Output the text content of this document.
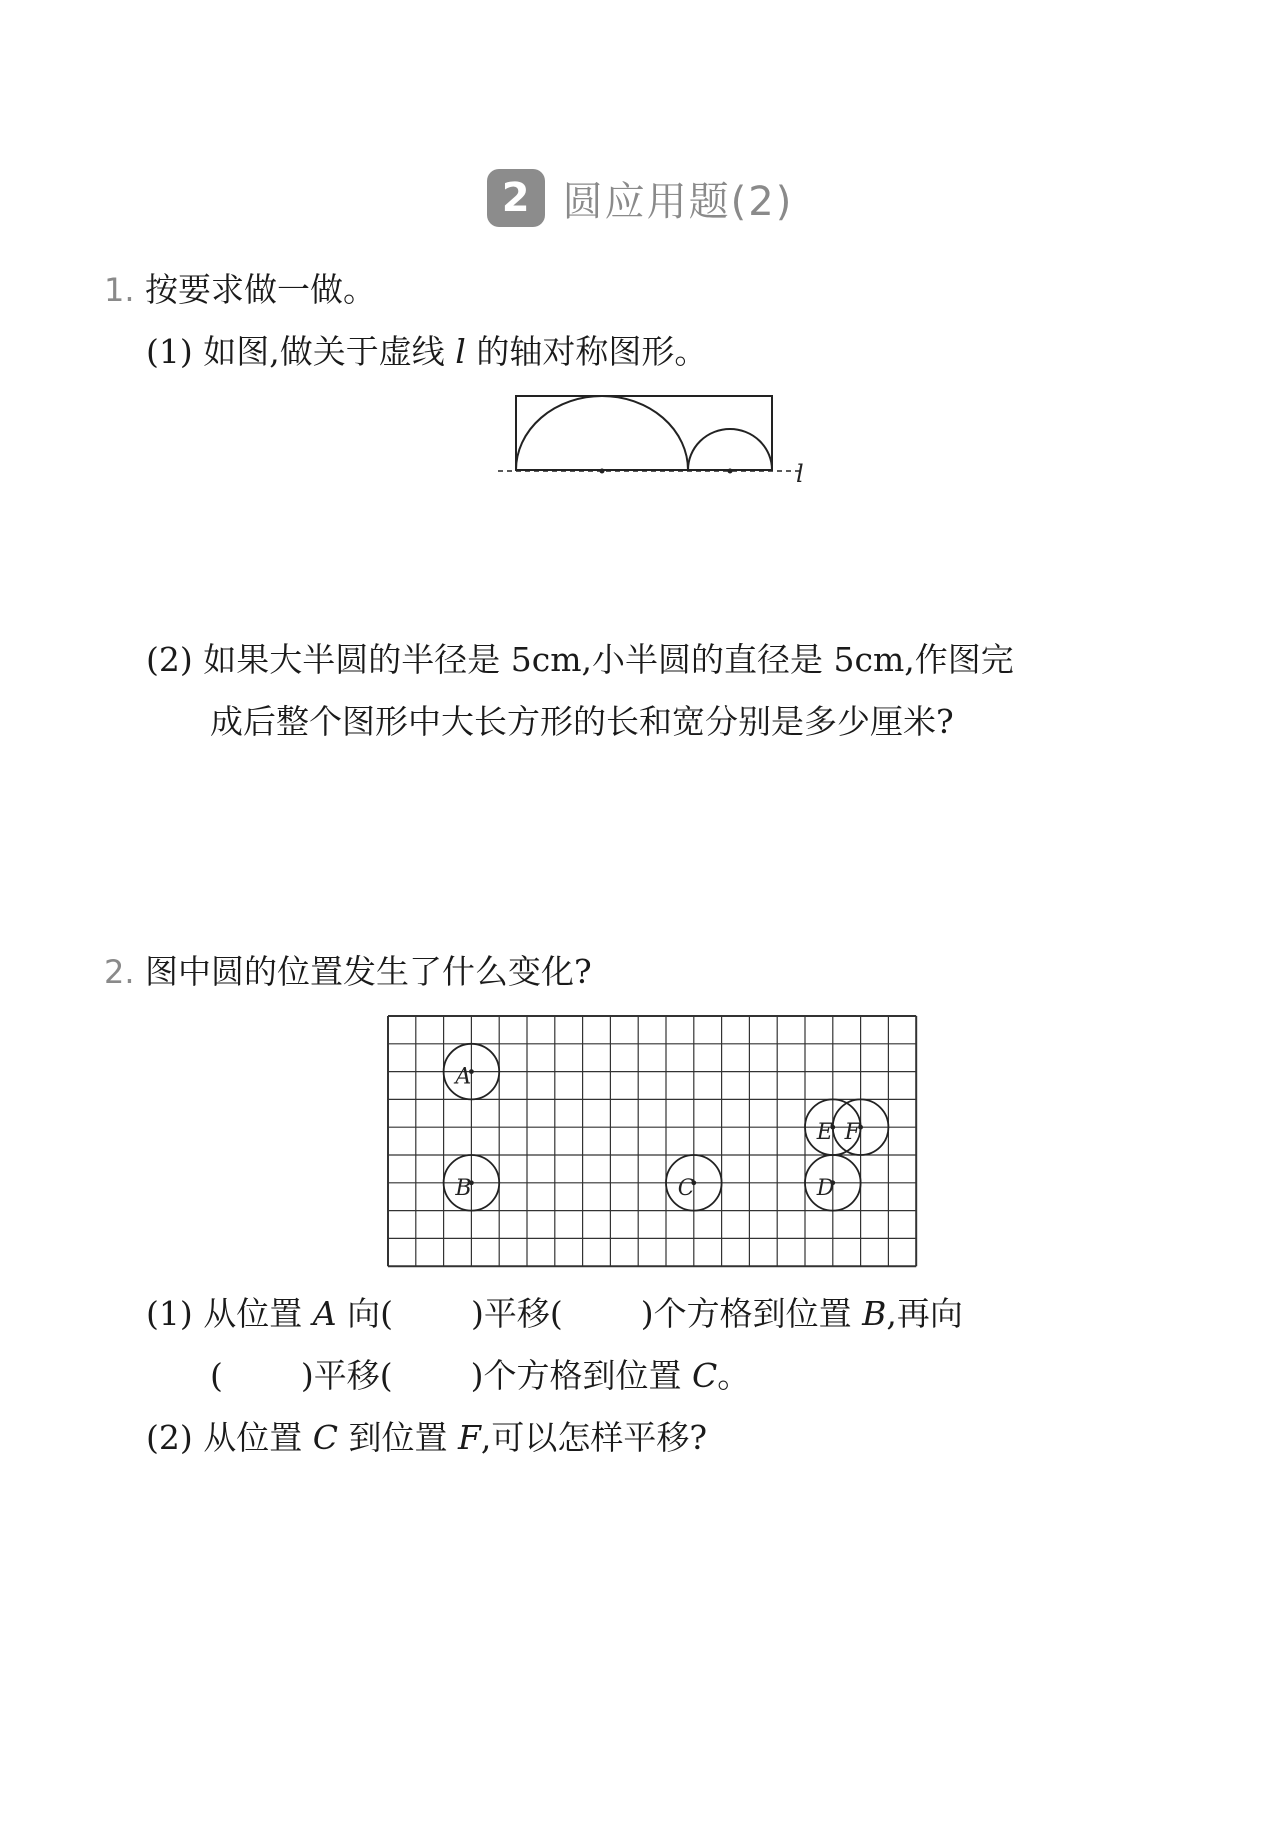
2 圆应用题(2)
1. 按要求做一做。
(1) 如图,做关于虚线 l 的轴对称图形。
l
(2) 如果大半圆的半径是 5cm,小半圆的直径是 5cm,作图完
成后整个图形中大长方形的长和宽分别是多少厘米?
2. 图中圆的位置发生了什么变化?
A
B	C	D
E F
(1) 从位置 A 向( )平移( )个方格到位置 B,再向
( )平移( )个方格到位置 C。
(2) 从位置 C 到位置 F,可以怎样平移?
